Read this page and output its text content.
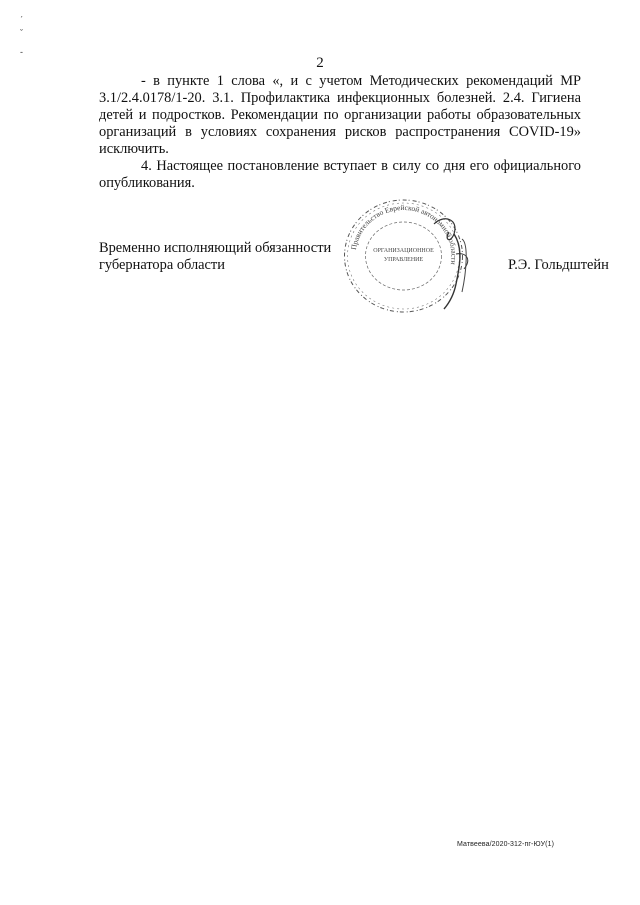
ˊ
ˇ
-
2

- в пункте 1 слова «, и с учетом Методических рекомендаций МР 3.1/2.4.0178/1-20. 3.1. Профилактика инфекционных болезней. 2.4. Гигиена детей и подростков. Рекомендации по организации работы образовательных организаций в условиях сохранения рисков распространения COVID-19» исключить.

4. Настоящее постановление вступает в силу со дня его официального опубликования.

Временно исполняющий обязанности
губернатора области
Правительство Еврейской автономной области
ОРГАНИЗАЦИОННОЕ
УПРАВЛЕНИЕ	Р.Э. Гольдштейн
Матвеева/2020-312-пг-ЮУ(1)
